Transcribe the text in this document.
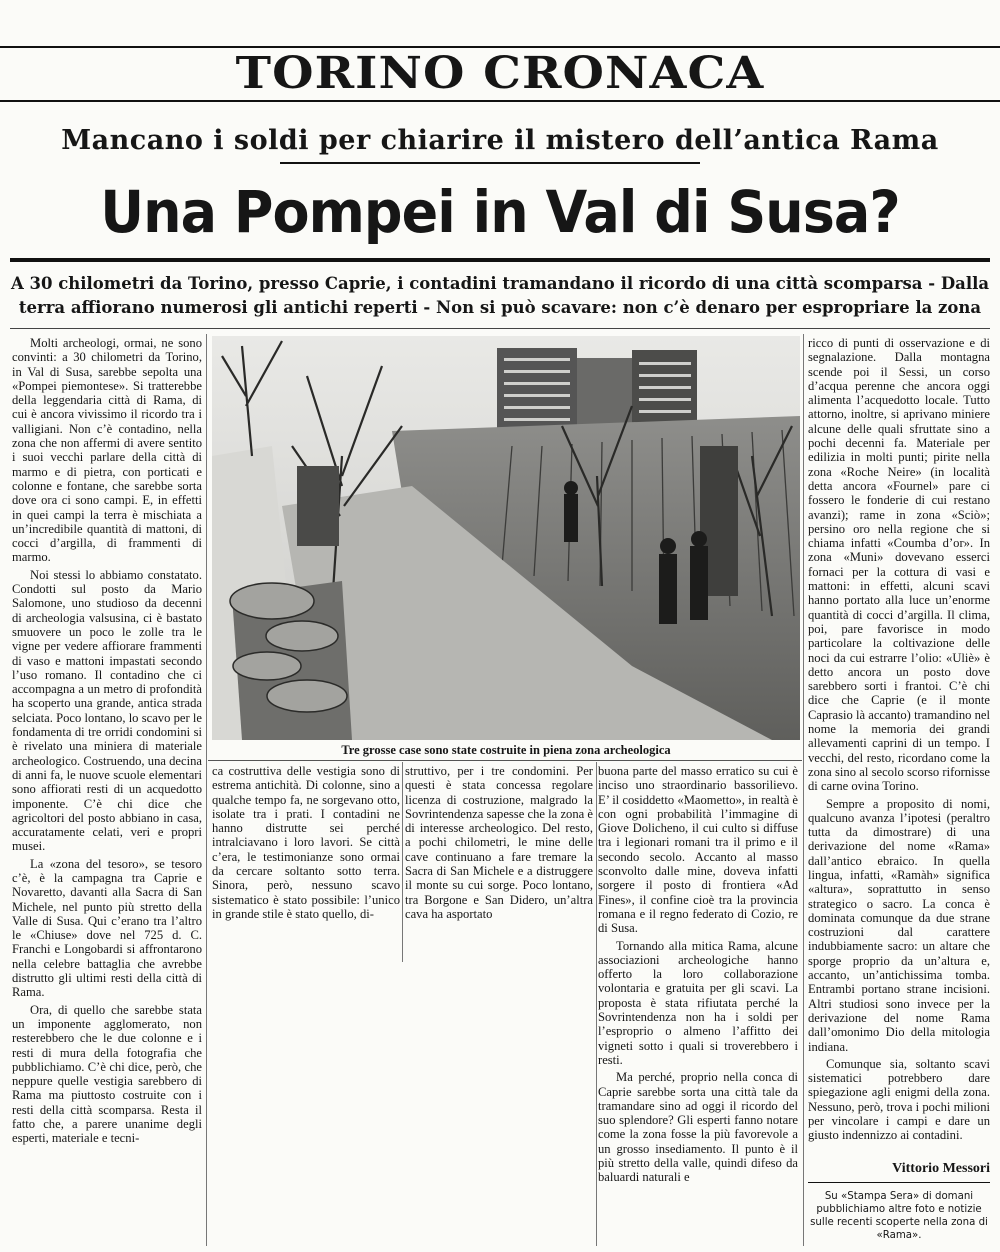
TORINO CRONACA
Mancano i soldi per chiarire il mistero dell’antica Rama
Una Pompei in Val di Susa?
A 30 chilometri da Torino, presso Caprie, i contadini tramandano il ricordo di una città scomparsa - Dalla terra affiorano numerosi gli antichi reperti - Non si può scavare: non c’è denaro per espropriare la zona
Tre grosse case sono state costruite in piena zona archeologica

Molti archeologi, ormai, ne sono convinti: a 30 chilometri da Torino, in Val di Susa, sarebbe sepolta una «Pompei piemontese». Si tratterebbe della leggendaria città di Rama, di cui è ancora vivissimo il ricordo tra i valligiani. Non c’è contadino, nella zona che non affermi di avere sentito i suoi vecchi parlare della città di marmo e di pietra, con porticati e colonne e fontane, che sarebbe sorta dove ora ci sono campi. E, in effetti in quei campi la terra è mischiata a un’incredibile quantità di mattoni, di cocci d’argilla, di frammenti di marmo.

Noi stessi lo abbiamo constatato. Condotti sul posto da Mario Salomone, uno studioso da decenni di archeologia valsusina, ci è bastato smuovere un poco le zolle tra le vigne per vedere affiorare frammenti di vaso e mattoni impastati secondo l’uso romano. Il contadino che ci accompagna a un metro di profondità ha scoperto una grande, antica strada selciata. Poco lontano, lo scavo per le fondamenta di tre orridi condomini si è rivelato una miniera di materiale archeologico. Costruendo, una decina di anni fa, le nuove scuole elementari sono affiorati resti di un acquedotto imponente. C’è chi dice che agricoltori del posto abbiano in casa, accuratamente celati, veri e propri musei.

La «zona del tesoro», se tesoro c’è, è la campagna tra Caprie e Novaretto, davanti alla Sacra di San Michele, nel punto più stretto della Valle di Susa. Qui c’erano tra l’altro le «Chiuse» dove nel 725 d. C. Franchi e Longobardi si affrontarono nella celebre battaglia che avrebbe distrutto gli ultimi resti della città di Rama.

Ora, di quello che sarebbe stata un imponente agglomerato, non resterebbero che le due colonne e i resti di mura della fotografia che pubblichiamo. C’è chi dice, però, che neppure quelle vestigia sarebbero di Rama ma piuttosto costruite con i resti della città scomparsa. Resta il fatto che, a parere unanime degli esperti, materiale e tecni-

ca costruttiva delle vestigia sono di estrema antichità. Di colonne, sino a qualche tempo fa, ne sorgevano otto, isolate tra i prati. I contadini ne hanno distrutte sei perché intralciavano i loro lavori. Se città c’era, le testimonianze sono ormai da cercare soltanto sotto terra. Sinora, però, nessuno scavo sistematico è stato possibile: l’unico in grande stile è stato quello, di-

struttivo, per i tre condomini. Per questi è stata concessa regolare licenza di costruzione, malgrado la Sovrintendenza sapesse che la zona è di interesse archeologico. Del resto, a pochi chilometri, le mine delle cave continuano a fare tremare la Sacra di San Michele e a distruggere il monte su cui sorge. Poco lontano, tra Borgone e San Didero, un’altra cava ha asportato

buona parte del masso erratico su cui è inciso uno straordinario bassorilievo. E’ il cosiddetto «Maometto», in realtà è con ogni probabilità l’immagine di Giove Dolicheno, il cui culto si diffuse tra i legionari romani tra il primo e il secondo secolo. Accanto al masso sconvolto dalle mine, doveva infatti sorgere il posto di frontiera «Ad Fines», il confine cioè tra la provincia romana e il regno federato di Cozio, re di Susa.

Tornando alla mitica Rama, alcune associazioni archeologiche hanno offerto la loro collaborazione volontaria e gratuita per gli scavi. La proposta è stata rifiutata perché la Sovrintendenza non ha i soldi per l’esproprio o almeno l’affitto dei vigneti sotto i quali si troverebbero i resti.

Ma perché, proprio nella conca di Caprie sarebbe sorta una città tale da tramandare sino ad oggi il ricordo del suo splendore? Gli esperti fanno notare come la zona fosse la più favorevole a un grosso insediamento. Il punto è il più stretto della valle, quindi difeso da baluardi naturali e

ricco di punti di osservazione e di segnalazione. Dalla montagna scende poi il Sessi, un corso d’acqua perenne che ancora oggi alimenta l’acquedotto locale. Tutto attorno, inoltre, si aprivano miniere alcune delle quali sfruttate sino a pochi decenni fa. Materiale per edilizia in molti punti; pirite nella zona «Roche Neire» (in località detta ancora «Fournel» pare ci fossero le fonderie di cui restano avanzi); rame in zona «Sciò»; persino oro nella regione che si chiama infatti «Coumba d’or». In zona «Muni» dovevano esserci fornaci per la cottura di vasi e mattoni: in effetti, alcuni scavi hanno portato alla luce un’enorme quantità di cocci d’argilla. Il clima, poi, pare favorisce in modo particolare la coltivazione delle noci da cui estrarre l’olio: «Uliè» è detto ancora un posto dove sarebbero sorti i frantoi. C’è chi dice che Caprie (e il monte Caprasio là accanto) tramandino nel nome la memoria dei grandi allevamenti caprini di un tempo. I vecchi, del resto, ricordano come la zona sino al secolo scorso rifornisse di carne ovina Torino.

Sempre a proposito di nomi, qualcuno avanza l’ipotesi (peraltro tutta da dimostrare) di una derivazione del nome «Rama» dall’antico ebraico. In quella lingua, infatti, «Ramàh» significa «altura», soprattutto in senso strategico o sacro. La conca è dominata comunque da due strane costruzioni dal carattere indubbiamente sacro: un altare che sporge proprio da un’altura e, accanto, un’antichissima tomba. Entrambi portano strane incisioni. Altri studiosi sono invece per la derivazione del nome Rama dall’omonimo Dio della mitologia indiana.

Comunque sia, soltanto scavi sistematici potrebbero dare spiegazione agli enigmi della zona. Nessuno, però, trova i pochi milioni per vincolare i campi e dare un giusto indennizzo ai contadini.

Vittorio Messori
Su «Stampa Sera» di domani pubblichiamo altre foto e notizie sulle recenti scoperte nella zona di «Rama».
